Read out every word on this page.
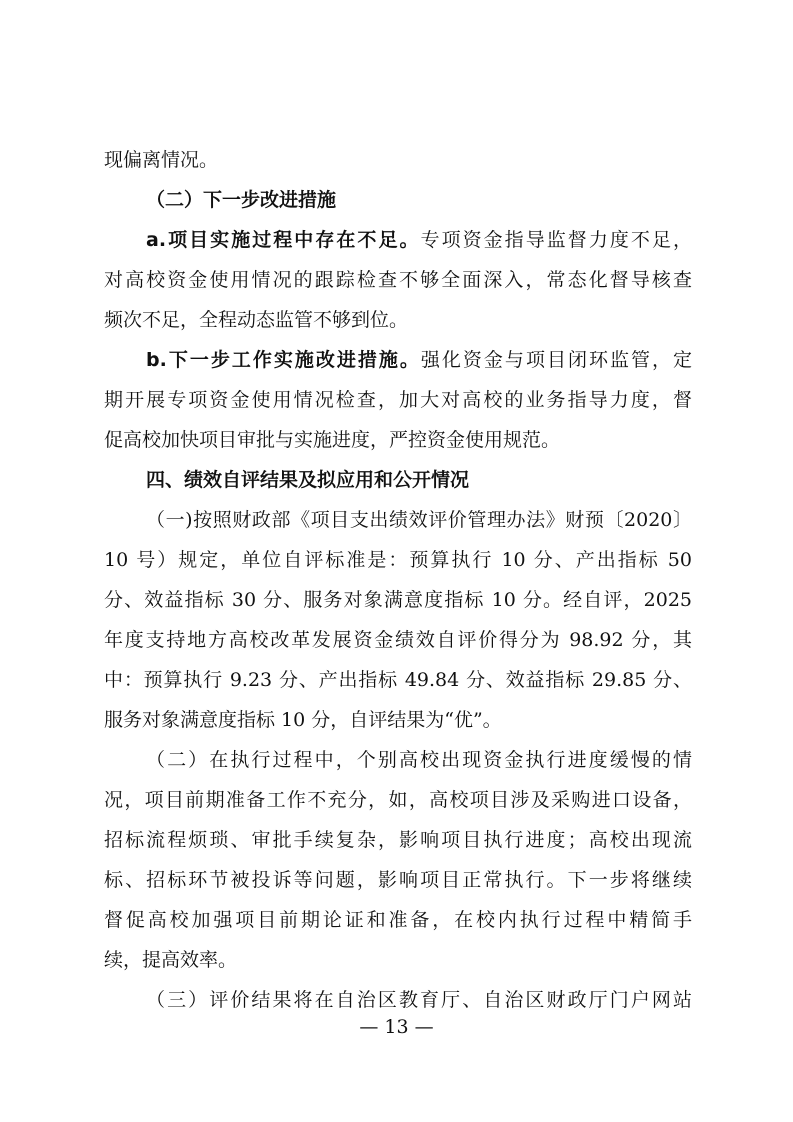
现偏离情况。
（二）下一步改进措施
a.项目实施过程中存在不足。专项资金指导监督力度不足，
对高校资金使用情况的跟踪检查不够全面深入，常态化督导核查
频次不足，全程动态监管不够到位。
b.下一步工作实施改进措施。强化资金与项目闭环监管，定
期开展专项资金使用情况检查，加大对高校的业务指导力度，督
促高校加快项目审批与实施进度，严控资金使用规范。
四、绩效自评结果及拟应用和公开情况
（一)按照财政部《项目支出绩效评价管理办法》财预〔2020〕
10 号）规定，单位自评标准是：预算执行 10 分、产出指标 50
分、效益指标 30 分、服务对象满意度指标 10 分。经自评，2025
年度支持地方高校改革发展资金绩效自评价得分为 98.92 分，其
中：预算执行 9.23 分、产出指标 49.84 分、效益指标 29.85 分、
服务对象满意度指标 10 分，自评结果为“优”。
（二）在执行过程中，个别高校出现资金执行进度缓慢的情
况，项目前期准备工作不充分，如，高校项目涉及采购进口设备，
招标流程烦琐、审批手续复杂，影响项目执行进度；高校出现流
标、招标环节被投诉等问题，影响项目正常执行。下一步将继续
督促高校加强项目前期论证和准备，在校内执行过程中精简手
续，提高效率。
（三）评价结果将在自治区教育厅、自治区财政厅门户网站
— 13 —
